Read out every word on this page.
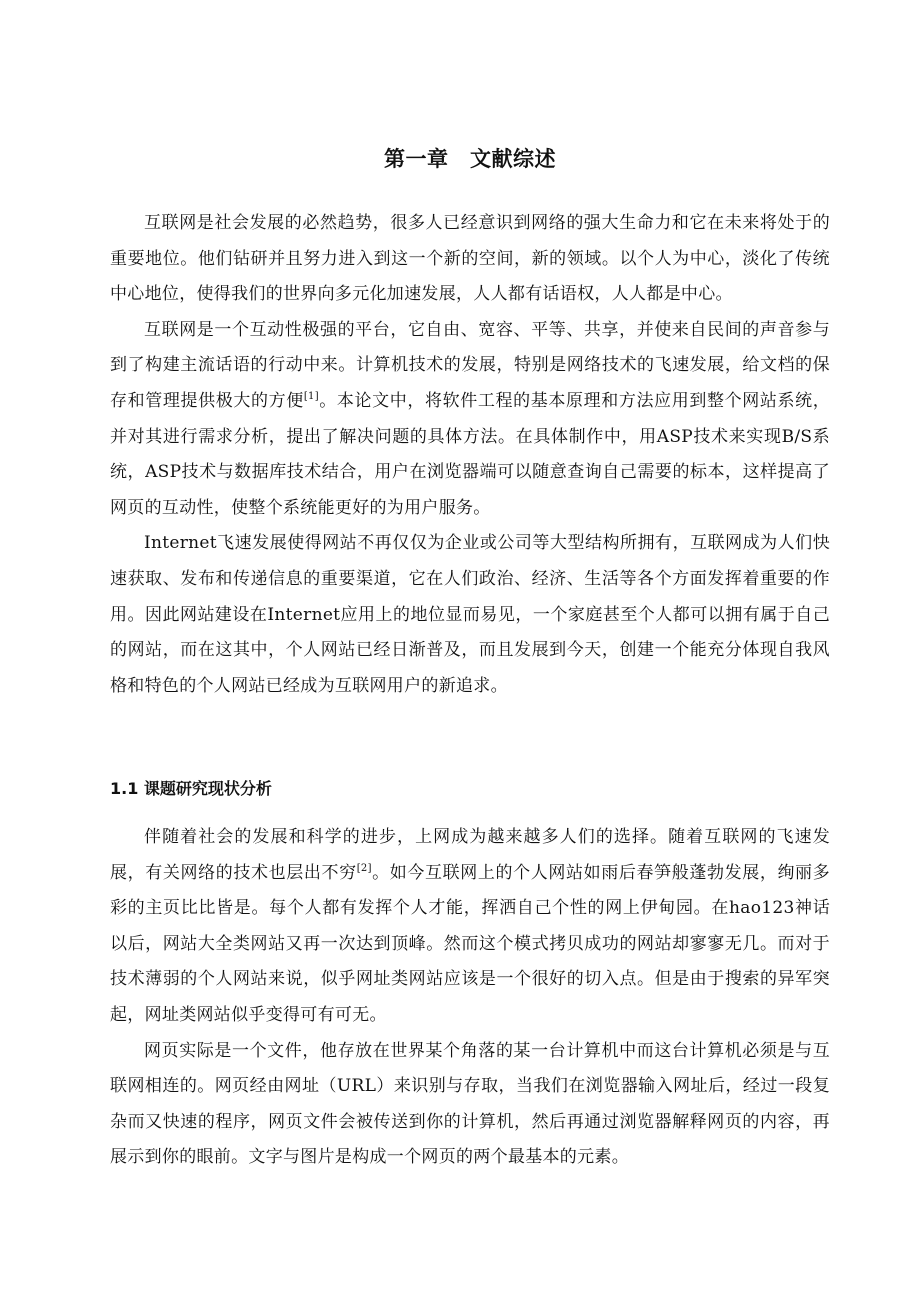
第一章　文献综述

互联网是社会发展的必然趋势，很多人已经意识到网络的强大生命力和它在未来将处于的重要地位。他们钻研并且努力进入到这一个新的空间，新的领域。以个人为中心，淡化了传统中心地位，使得我们的世界向多元化加速发展，人人都有话语权，人人都是中心。

互联网是一个互动性极强的平台，它自由、宽容、平等、共享，并使来自民间的声音参与到了构建主流话语的行动中来。计算机技术的发展，特别是网络技术的飞速发展，给文档的保存和管理提供极大的方便[1]。本论文中，将软件工程的基本原理和方法应用到整个网站系统，并对其进行需求分析，提出了解决问题的具体方法。在具体制作中，用ASP技术来实现B/S系统，ASP技术与数据库技术结合，用户在浏览器端可以随意查询自己需要的标本，这样提高了网页的互动性，使整个系统能更好的为用户服务。

Internet飞速发展使得网站不再仅仅为企业或公司等大型结构所拥有，互联网成为人们快速获取、发布和传递信息的重要渠道，它在人们政治、经济、生活等各个方面发挥着重要的作用。因此网站建设在Internet应用上的地位显而易见，一个家庭甚至个人都可以拥有属于自己的网站，而在这其中，个人网站已经日渐普及，而且发展到今天，创建一个能充分体现自我风格和特色的个人网站已经成为互联网用户的新追求。

1.1 课题研究现状分析

伴随着社会的发展和科学的进步，上网成为越来越多人们的选择。随着互联网的飞速发展，有关网络的技术也层出不穷[2]。如今互联网上的个人网站如雨后春笋般蓬勃发展，绚丽多彩的主页比比皆是。每个人都有发挥个人才能，挥洒自己个性的网上伊甸园。在hao123神话以后，网站大全类网站又再一次达到顶峰。然而这个模式拷贝成功的网站却寥寥无几。而对于技术薄弱的个人网站来说，似乎网址类网站应该是一个很好的切入点。但是由于搜索的异军突起，网址类网站似乎变得可有可无。

网页实际是一个文件，他存放在世界某个角落的某一台计算机中而这台计算机必须是与互联网相连的。网页经由网址（URL）来识别与存取，当我们在浏览器输入网址后，经过一段复杂而又快速的程序，网页文件会被传送到你的计算机，然后再通过浏览器解释网页的内容，再展示到你的眼前。文字与图片是构成一个网页的两个最基本的元素。
